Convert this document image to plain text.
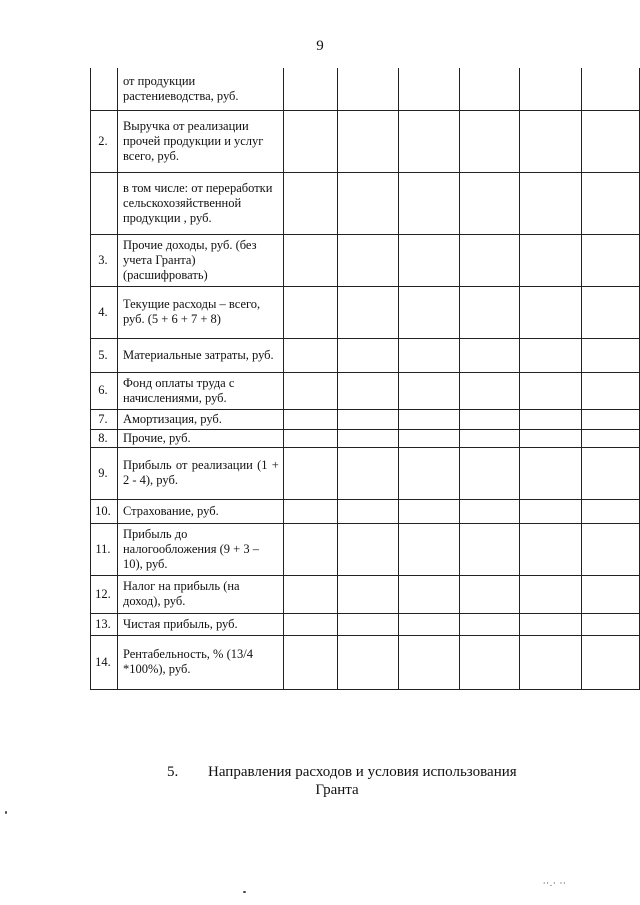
9
	от продукции растениеводства, руб.						
2.	Выручка от реализации прочей продукции и услуг всего, руб.						
	в том числе: от переработки сельскохозяйственной продукции , руб.						
3.	Прочие доходы, руб. (без учета Гранта) (расшифровать)						
4.	Текущие расходы – всего, руб. (5 + 6 + 7 + 8)						
5.	Материальные затраты, руб.						
6.	Фонд оплаты труда с начислениями, руб.						
7.	Амортизация, руб.						
8.	Прочие, руб.						
9.	Прибыль от реализации (1 + 2 - 4), руб.						
10.	Страхование, руб.						
11.	Прибыль до налогообложения (9 + 3 – 10), руб.						
12.	Налог на прибыль (на доход), руб.						
13.	Чистая прибыль, руб.						
14.	Рентабельность, % (13/4 *100%), руб.						
5. Направления расходов и условия использования
Гранта
⸱⸱.⸱ ⸱⸱
